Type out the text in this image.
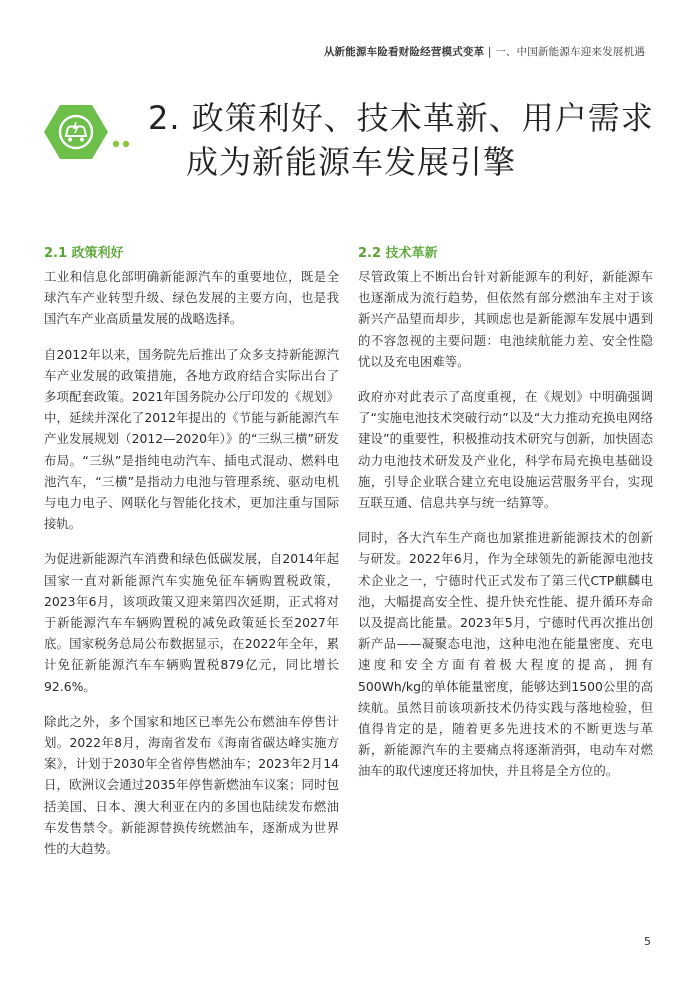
从新能源车险看财险经营模式变革 | 一、中国新能源车迎来发展机遇
2. 政策利好、技术革新、用户需求
成为新能源车发展引擎
2.1 政策利好

工业和信息化部明确新能源汽车的重要地位，既是全球汽车产业转型升级、绿色发展的主要方向，也是我国汽车产业高质量发展的战略选择。

自2012年以来，国务院先后推出了众多支持新能源汽车产业发展的政策措施，各地方政府结合实际出台了多项配套政策。2021年国务院办公厅印发的《规划》中，延续并深化了2012年提出的《节能与新能源汽车产业发展规划（2012—2020年）》的“三纵三横”研发布局。“三纵”是指纯电动汽车、插电式混动、燃料电池汽车，“三横”是指动力电池与管理系统、驱动电机与电力电子、网联化与智能化技术，更加注重与国际接轨。

为促进新能源汽车消费和绿色低碳发展，自2014年起国家一直对新能源汽车实施免征车辆购置税政策，2023年6月，该项政策又迎来第四次延期，正式将对于新能源汽车车辆购置税的减免政策延长至2027年底。国家税务总局公布数据显示，在2022年全年，累计免征新能源汽车车辆购置税879亿元，同比增长92.6%。

除此之外，多个国家和地区已率先公布燃油车停售计划。2022年8月，海南省发布《海南省碳达峰实施方案》，计划于2030年全省停售燃油车；2023年2月14日，欧洲议会通过2035年停售新燃油车议案；同时包括美国、日本、澳大利亚在内的多国也陆续发布燃油车发售禁令。新能源替换传统燃油车，逐渐成为世界性的大趋势。

2.2 技术革新

尽管政策上不断出台针对新能源车的利好，新能源车也逐渐成为流行趋势，但依然有部分燃油车主对于该新兴产品望而却步，其顾虑也是新能源车发展中遇到的不容忽视的主要问题：电池续航能力差、安全性隐忧以及充电困难等。

政府亦对此表示了高度重视，在《规划》中明确强调了“实施电池技术突破行动”以及“大力推动充换电网络建设”的重要性，积极推动技术研究与创新，加快固态动力电池技术研发及产业化，科学布局充换电基础设施，引导企业联合建立充电设施运营服务平台，实现互联互通、信息共享与统一结算等。

同时，各大汽车生产商也加紧推进新能源技术的创新与研发。2022年6月，作为全球领先的新能源电池技术企业之一，宁德时代正式发布了第三代CTP麒麟电池，大幅提高安全性、提升快充性能、提升循环寿命以及提高比能量。2023年5月，宁德时代再次推出创新产品——凝聚态电池，这种电池在能量密度、充电速度和安全方面有着极大程度的提高，拥有500Wh/kg的单体能量密度，能够达到1500公里的高续航。虽然目前该项新技术仍待实践与落地检验，但值得肯定的是，随着更多先进技术的不断更迭与革新，新能源汽车的主要痛点将逐渐消弭，电动车对燃油车的取代速度还将加快，并且将是全方位的。

5
